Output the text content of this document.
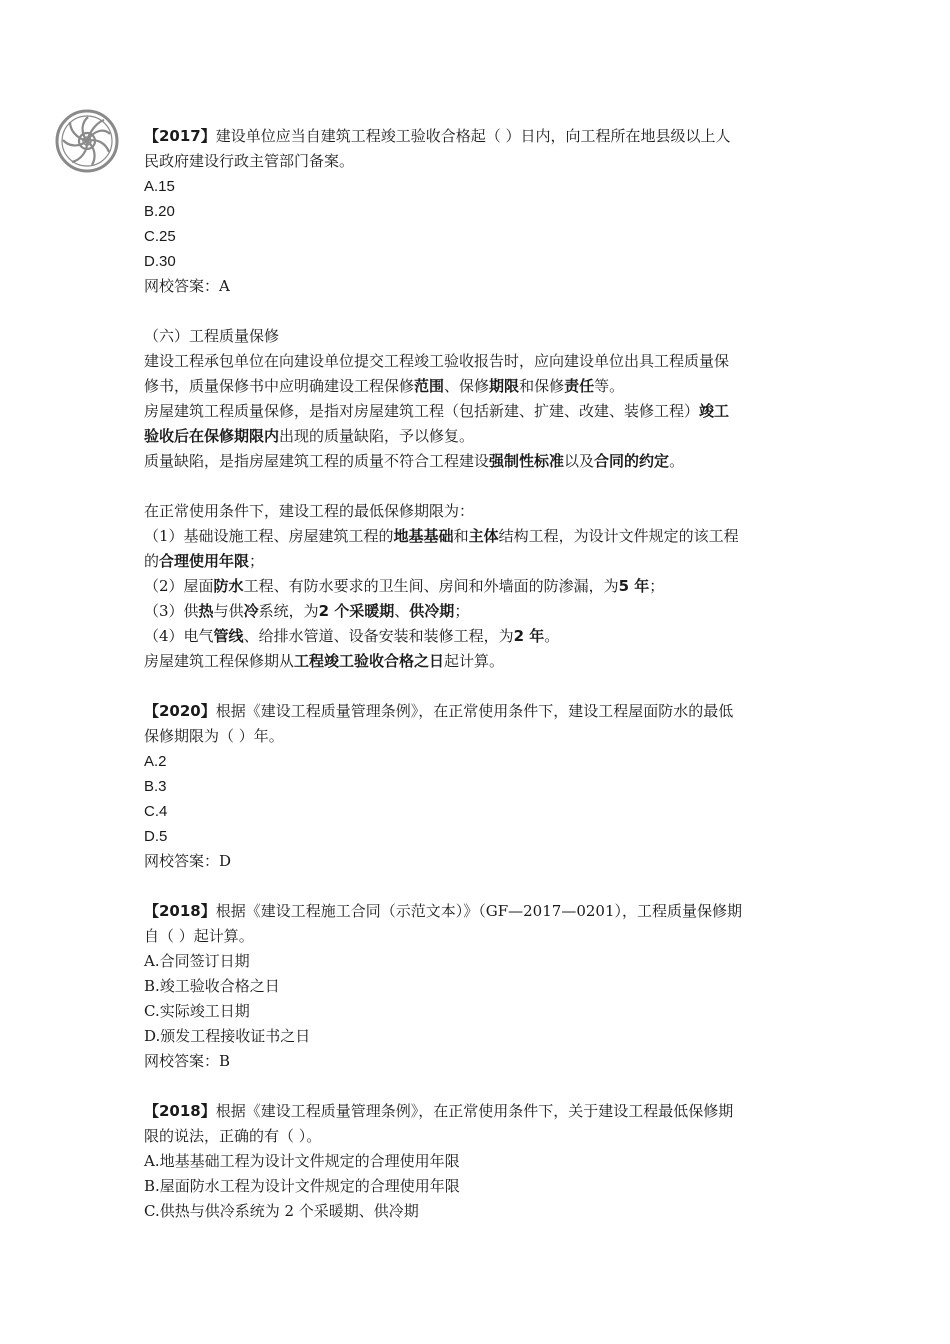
【2017】建设单位应当自建筑工程竣工验收合格起（ ）日内，向工程所在地县级以上人
民政府建设行政主管部门备案。
A.15
B.20
C.25
D.30
网校答案：A
（六）工程质量保修
建设工程承包单位在向建设单位提交工程竣工验收报告时，应向建设单位出具工程质量保
修书，质量保修书中应明确建设工程保修范围、保修期限和保修责任等。
房屋建筑工程质量保修，是指对房屋建筑工程（包括新建、扩建、改建、装修工程）竣工
验收后在保修期限内出现的质量缺陷，予以修复。
质量缺陷，是指房屋建筑工程的质量不符合工程建设强制性标准以及合同的约定。
在正常使用条件下，建设工程的最低保修期限为：
（1）基础设施工程、房屋建筑工程的地基基础和主体结构工程，为设计文件规定的该工程
的合理使用年限；
（2）屋面防水工程、有防水要求的卫生间、房间和外墙面的防渗漏，为5 年；
（3）供热与供冷系统，为2 个采暖期、供冷期；
（4）电气管线、给排水管道、设备安装和装修工程，为2 年。
房屋建筑工程保修期从工程竣工验收合格之日起计算。
【2020】根据《建设工程质量管理条例》，在正常使用条件下，建设工程屋面防水的最低
保修期限为（ ）年。
A.2
B.3
C.4
D.5
网校答案：D
【2018】根据《建设工程施工合同（示范文本）》（GF—2017—0201），工程质量保修期
自（ ）起计算。
A.合同签订日期
B.竣工验收合格之日
C.实际竣工日期
D.颁发工程接收证书之日
网校答案：B
【2018】根据《建设工程质量管理条例》，在正常使用条件下，关于建设工程最低保修期
限的说法，正确的有（ ）。
A.地基基础工程为设计文件规定的合理使用年限
B.屋面防水工程为设计文件规定的合理使用年限
C.供热与供冷系统为 2 个采暖期、供冷期
